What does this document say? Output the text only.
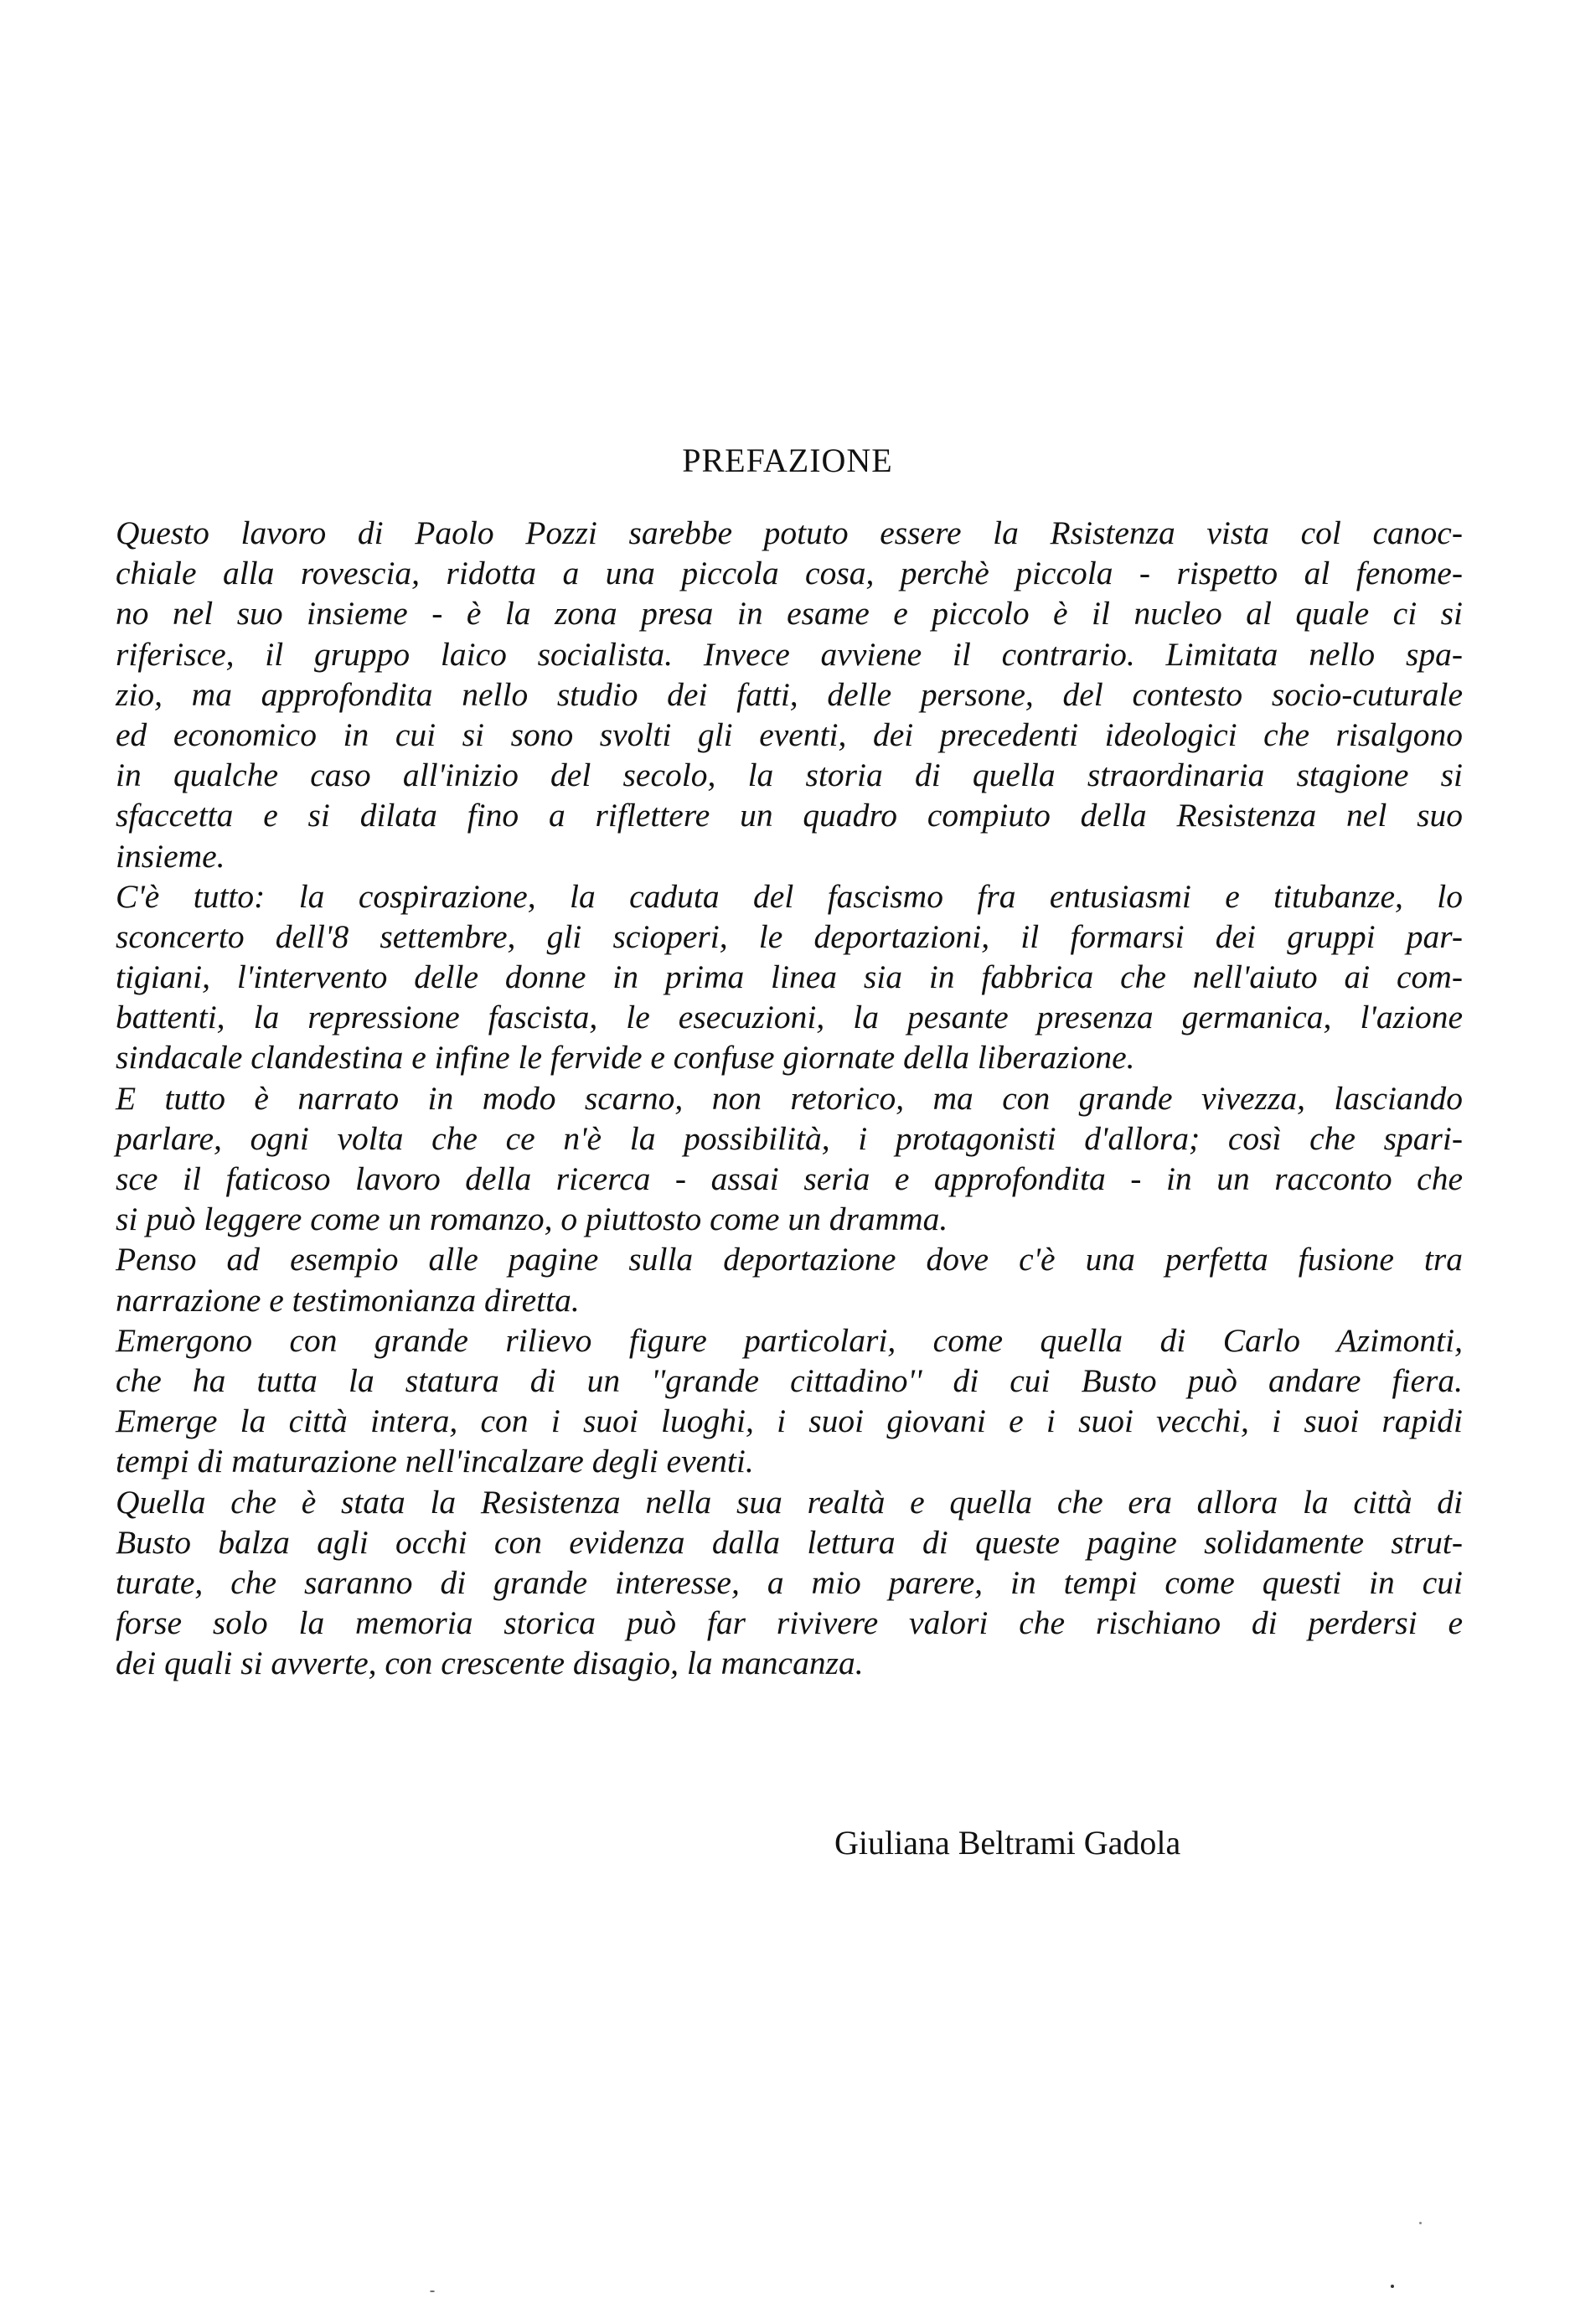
PREFAZIONE
Questo lavoro di Paolo Pozzi sarebbe potuto essere la Rsistenza vista col canoc-
chiale alla rovescia, ridotta a una piccola cosa, perchè piccola - rispetto al fenome-
no nel suo insieme - è la zona presa in esame e piccolo è il nucleo al quale ci si
riferisce, il gruppo laico socialista. Invece avviene il contrario. Limitata nello spa-
zio, ma approfondita nello studio dei fatti, delle persone, del contesto socio-cuturale
ed economico in cui si sono svolti gli eventi, dei precedenti ideologici che risalgono
in qualche caso all'inizio del secolo, la storia di quella straordinaria stagione si
sfaccetta e si dilata fino a riflettere un quadro compiuto della Resistenza nel suo
insieme.
C'è tutto: la cospirazione, la caduta del fascismo fra entusiasmi e titubanze, lo
sconcerto dell'8 settembre, gli scioperi, le deportazioni, il formarsi dei gruppi par-
tigiani, l'intervento delle donne in prima linea sia in fabbrica che nell'aiuto ai com-
battenti, la repressione fascista, le esecuzioni, la pesante presenza germanica, l'azione
sindacale clandestina e infine le fervide e confuse giornate della liberazione.
E tutto è narrato in modo scarno, non retorico, ma con grande vivezza, lasciando
parlare, ogni volta che ce n'è la possibilità, i protagonisti d'allora; così che spari-
sce il faticoso lavoro della ricerca - assai seria e approfondita - in un racconto che
si può leggere come un romanzo, o piuttosto come un dramma.
Penso ad esempio alle pagine sulla deportazione dove c'è una perfetta fusione tra
narrazione e testimonianza diretta.
Emergono con grande rilievo figure particolari, come quella di Carlo Azimonti,
che ha tutta la statura di un ''grande cittadino'' di cui Busto può andare fiera.
Emerge la città intera, con i suoi luoghi, i suoi giovani e i suoi vecchi, i suoi rapidi
tempi di maturazione nell'incalzare degli eventi.
Quella che è stata la Resistenza nella sua realtà e quella che era allora la città di
Busto balza agli occhi con evidenza dalla lettura di queste pagine solidamente strut-
turate, che saranno di grande interesse, a mio parere, in tempi come questi in cui
forse solo la memoria storica può far rivivere valori che rischiano di perdersi e
dei quali si avverte, con crescente disagio, la mancanza.
Giuliana Beltrami Gadola
